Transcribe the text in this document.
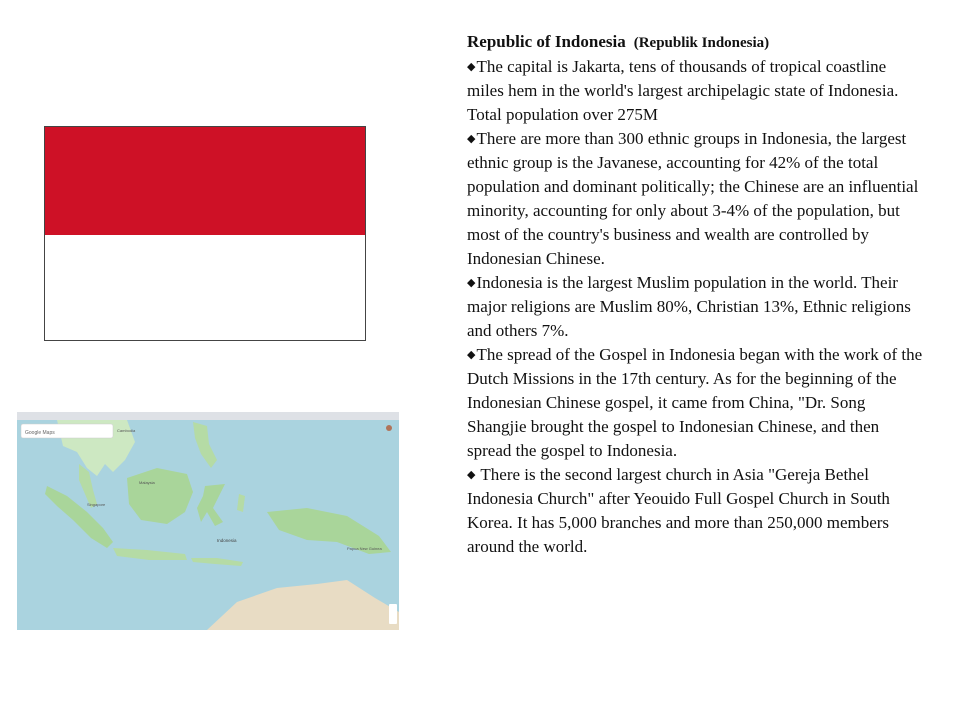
Google Maps	Cambodia
Malaysia
Singapore
Indonesia
Papua New Guinea
Republic of Indonesia (Republik Indonesia)

◆The capital is Jakarta, tens of thousands of tropical coastline miles hem in the world's largest archipelagic state of Indonesia. Total population over 275M

◆There are more than 300 ethnic groups in Indonesia, the largest ethnic group is the Javanese, accounting for 42% of the total population and dominant politically; the Chinese are an influential minority, accounting for only about 3-4% of the population, but most of the country's business and wealth are controlled by Indonesian Chinese.

◆Indonesia is the largest Muslim population in the world. Their major religions are Muslim 80%, Christian 13%, Ethnic religions and others 7%.

◆The spread of the Gospel in Indonesia began with the work of the Dutch Missions in the 17th century. As for the beginning of the Indonesian Chinese gospel, it came from China, "Dr. Song Shangjie brought the gospel to Indonesian Chinese, and then spread the gospel to Indonesia.

◆ There is the second largest church in Asia "Gereja Bethel Indonesia Church" after Yeouido Full Gospel Church in South Korea. It has 5,000 branches and more than 250,000 members around the world.
